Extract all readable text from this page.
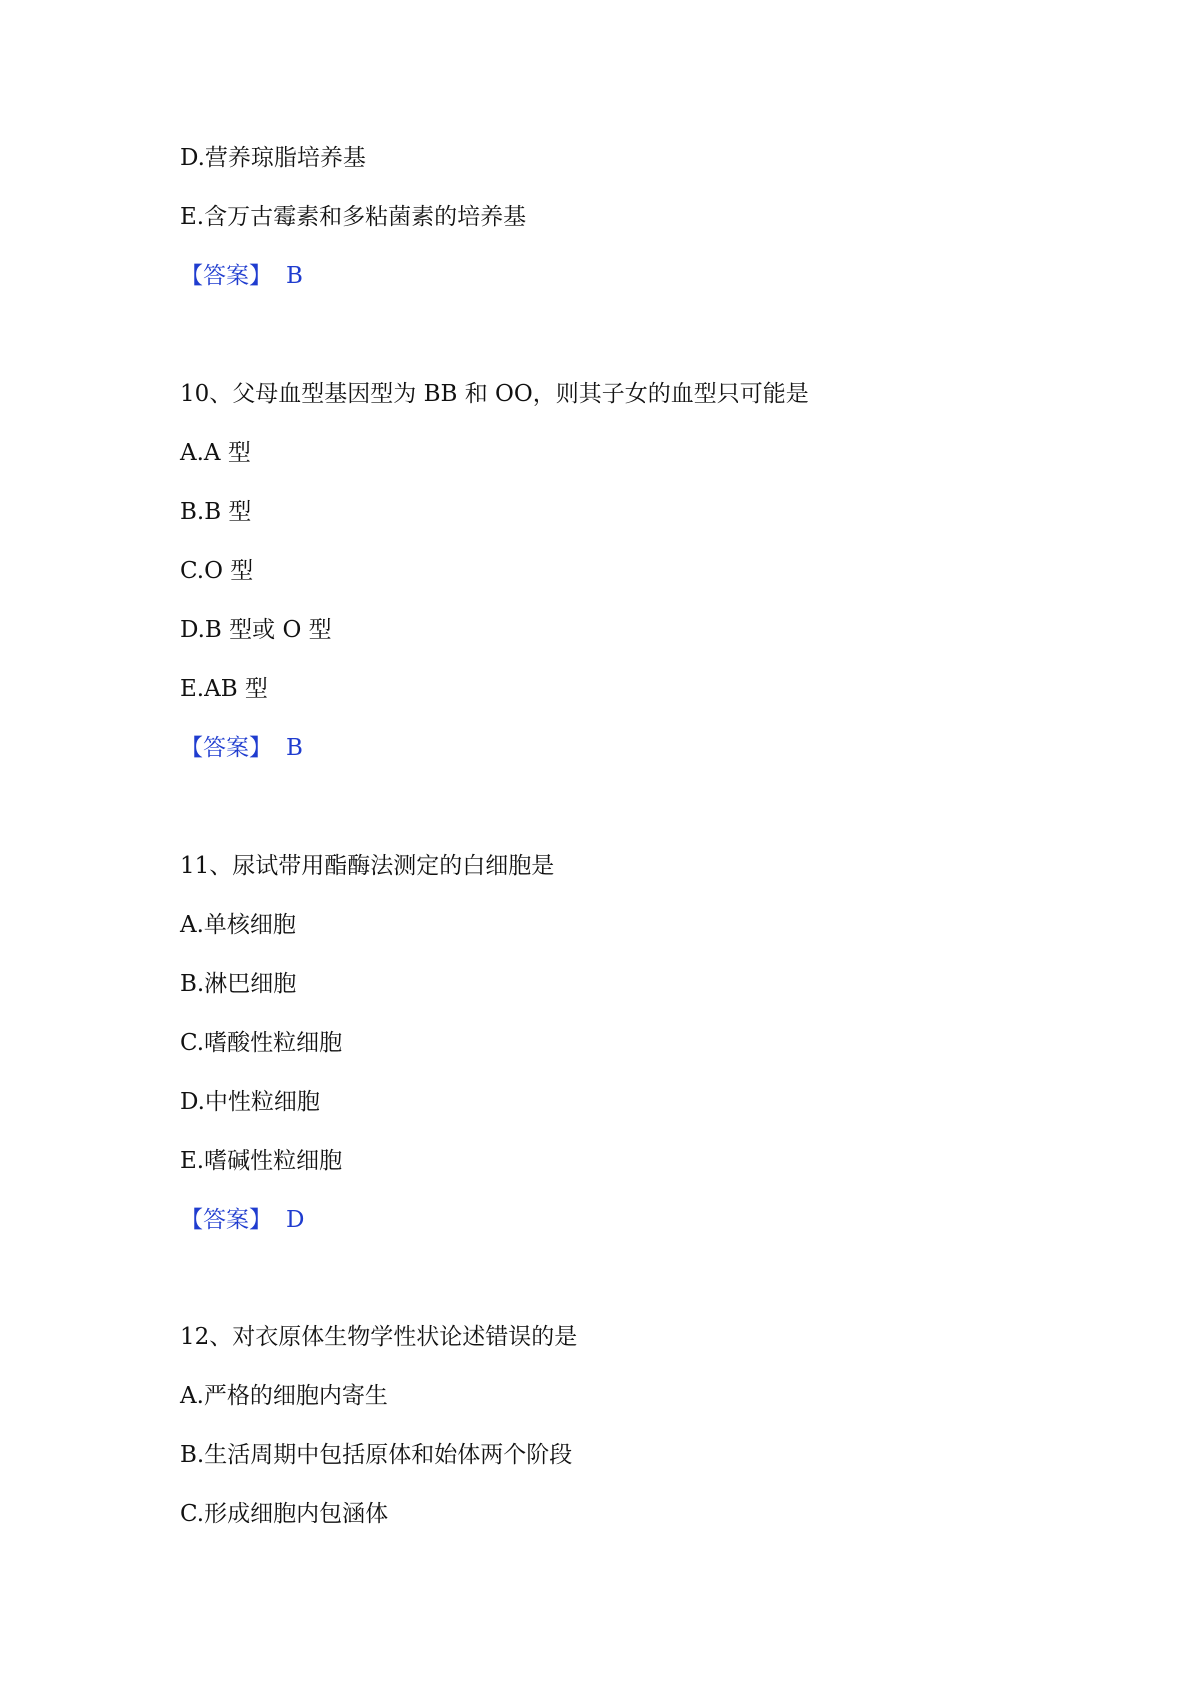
D.营养琼脂培养基

E.含万古霉素和多粘菌素的培养基

【答案】 B

10、父母血型基因型为 BB 和 OO，则其子女的血型只可能是

A.A 型

B.B 型

C.O 型

D.B 型或 O 型

E.AB 型

【答案】 B

11、尿试带用酯酶法测定的白细胞是

A.单核细胞

B.淋巴细胞

C.嗜酸性粒细胞

D.中性粒细胞

E.嗜碱性粒细胞

【答案】 D

12、对衣原体生物学性状论述错误的是

A.严格的细胞内寄生

B.生活周期中包括原体和始体两个阶段

C.形成细胞内包涵体
